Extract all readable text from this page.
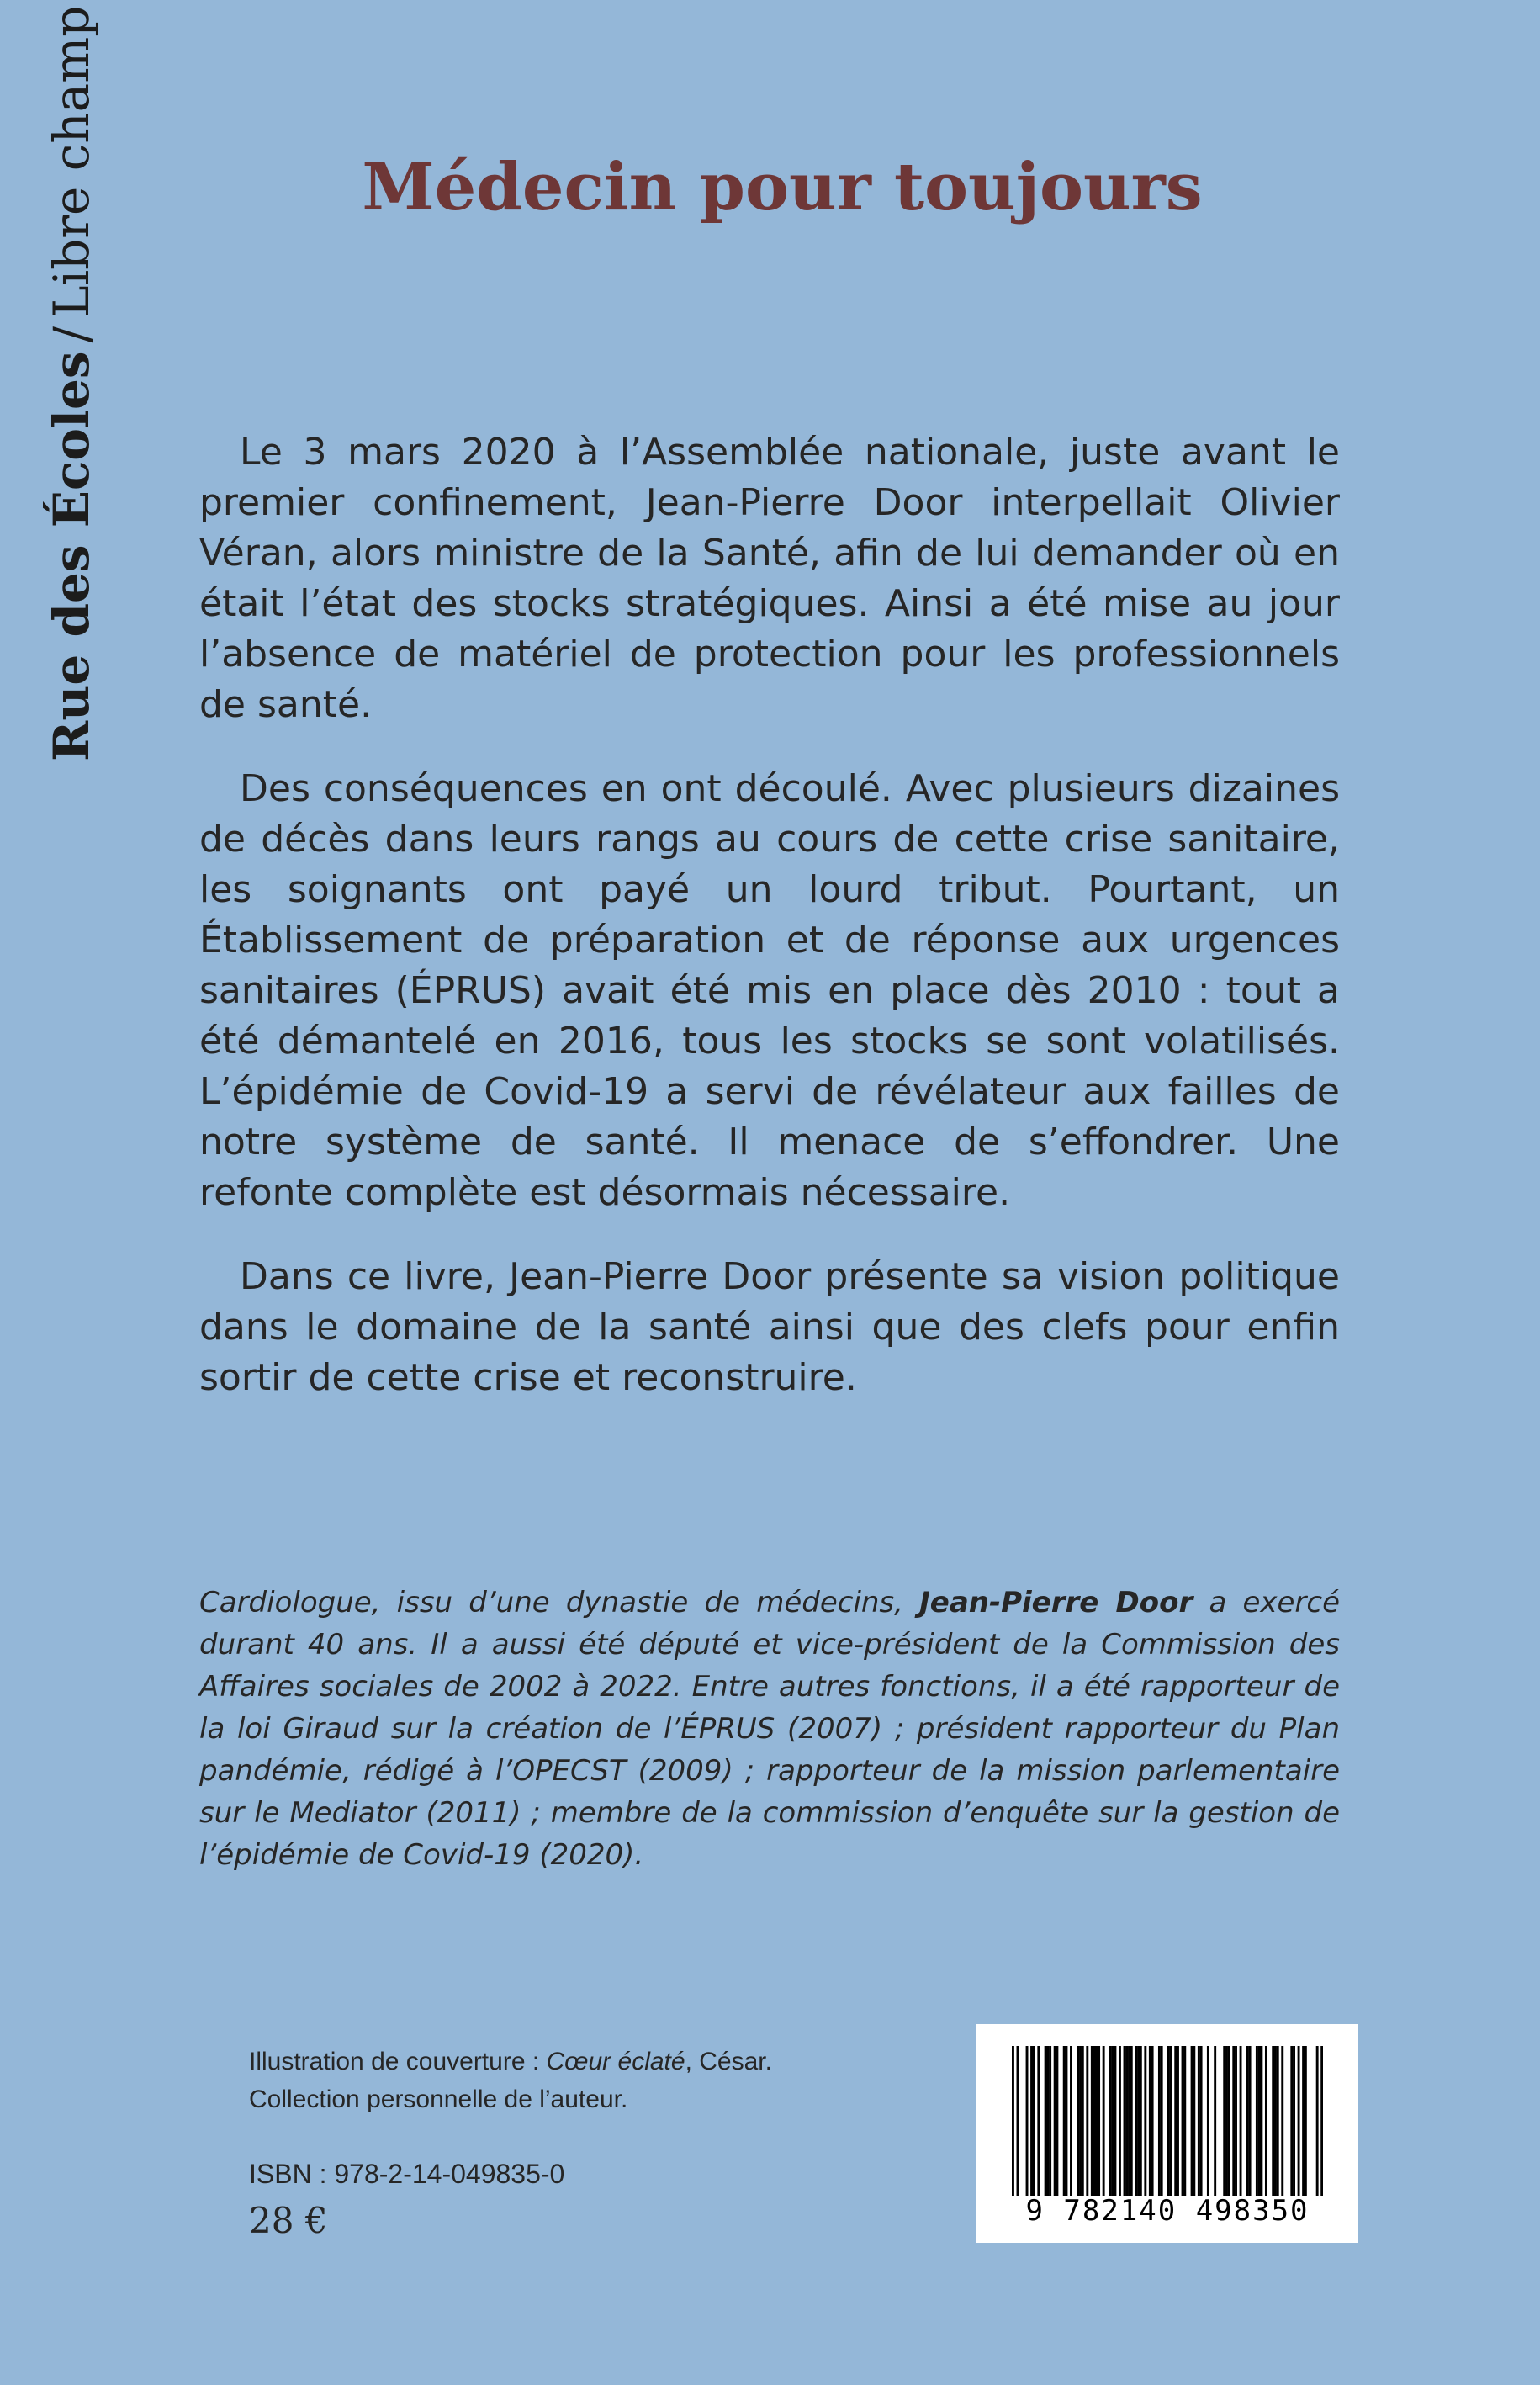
Rue des Écoles/Libre champ	Médecin pour toujours

Le 3 mars 2020 à l’Assemblée nationale, juste avant le premier confinement, Jean-Pierre Door interpellait Olivier Véran, alors ministre de la Santé, afin de lui demander où en était l’état des stocks stratégiques. Ainsi a été mise au jour l’absence de matériel de protection pour les professionnels de santé.

Des conséquences en ont découlé. Avec plusieurs dizaines de décès dans leurs rangs au cours de cette crise sanitaire, les soignants ont payé un lourd tribut. Pourtant, un Établissement de préparation et de réponse aux urgences sanitaires (ÉPRUS) avait été mis en place dès 2010 : tout a été démantelé en 2016, tous les stocks se sont volatilisés. L’épidémie de Covid-19 a servi de révélateur aux failles de notre système de santé. Il menace de s’effondrer. Une refonte complète est désormais nécessaire.

Dans ce livre, Jean-Pierre Door présente sa vision politique dans le domaine de la santé ainsi que des clefs pour enfin sortir de cette crise et reconstruire.

Cardiologue, issu d’une dynastie de médecins, Jean-Pierre Door a exercé durant 40 ans. Il a aussi été député et vice-président de la Commission des Affaires sociales de 2002 à 2022. Entre autres fonctions, il a été rapporteur de la loi Giraud sur la création de l’ÉPRUS (2007) ; président rapporteur du Plan pandémie, rédigé à l’OPECST (2009) ; rapporteur de la mission parlementaire sur le Mediator (2011) ; membre de la commission d’enquête sur la gestion de l’épidémie de Covid-19 (2020).

Illustration de couverture : Cœur éclaté, César.
Collection personnelle de l’auteur.
ISBN : 978-2-14-049835-0
28 €	9 782140 498350
